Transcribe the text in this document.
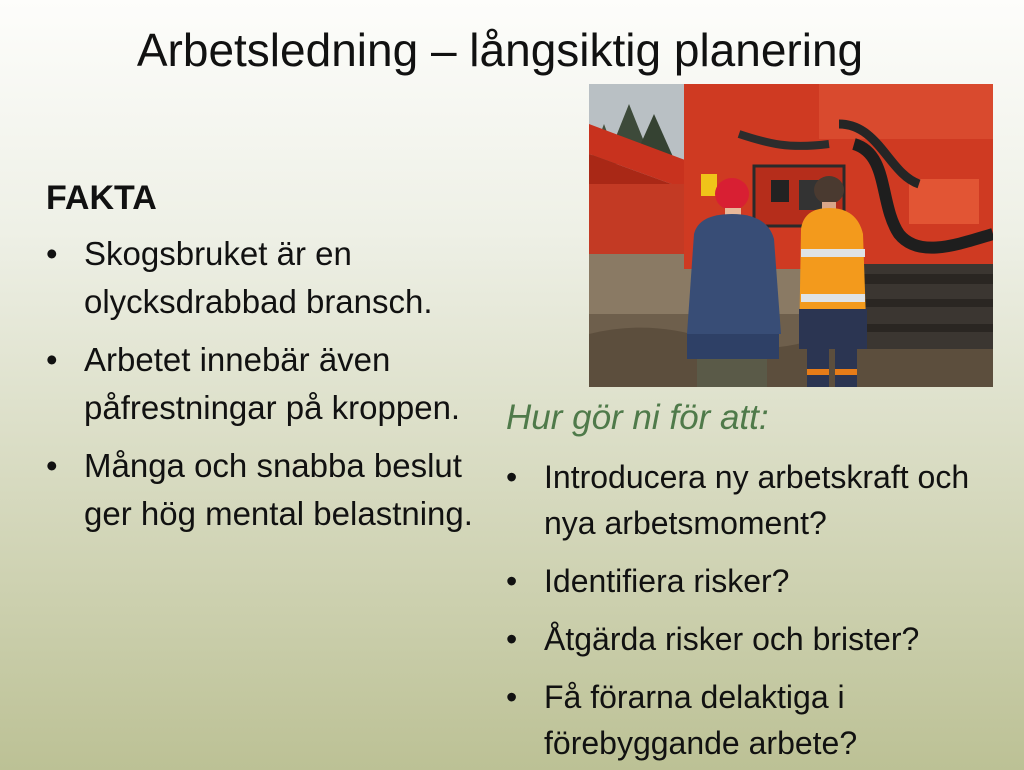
Arbetsledning – långsiktig planering
FAKTA
• Skogsbruket är en olycksdrabbad bransch.
• Arbetet innebär även påfrestningar på kroppen.
• Många och snabba beslut ger hög mental belastning.
Hur gör ni för att:
• Introducera ny arbetskraft och nya arbetsmoment?
• Identifiera risker?
• Åtgärda risker och brister?
• Få förarna delaktiga i förebyggande arbete?
